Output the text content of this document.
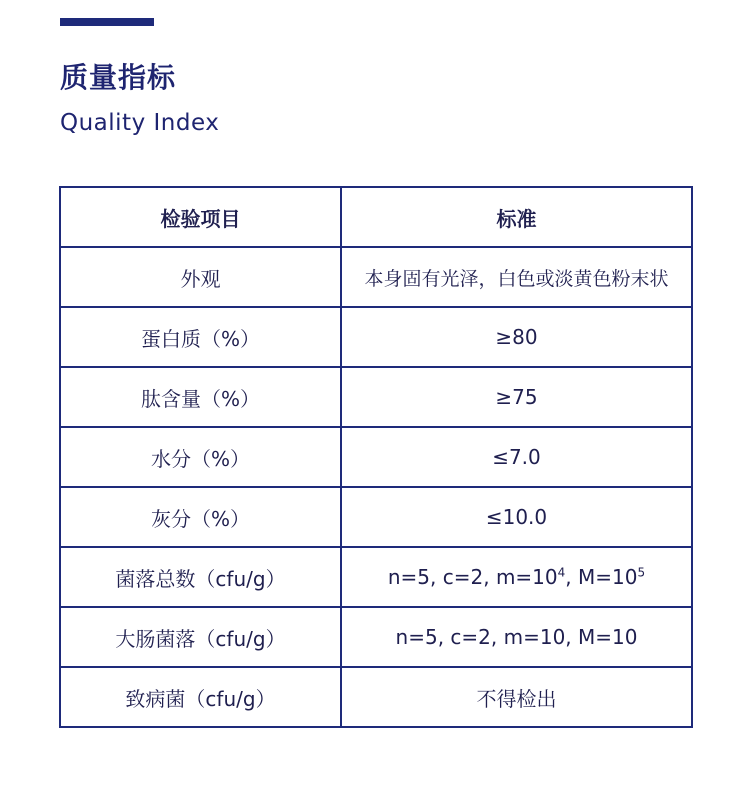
质量指标
Quality Index
检验项目	标准
外观	本身固有光泽，白色或淡黄色粉末状
蛋白质（%）	≥80
肽含量（%）	≥75
水分（%）	≤7.0
灰分（%）	≤10.0
菌落总数（cfu/g）	n=5, c=2, $m=10^4$, $M=10^5$
大肠菌落（cfu/g）	n=5, c=2, m=10, M=10
致病菌（cfu/g）	不得检出
